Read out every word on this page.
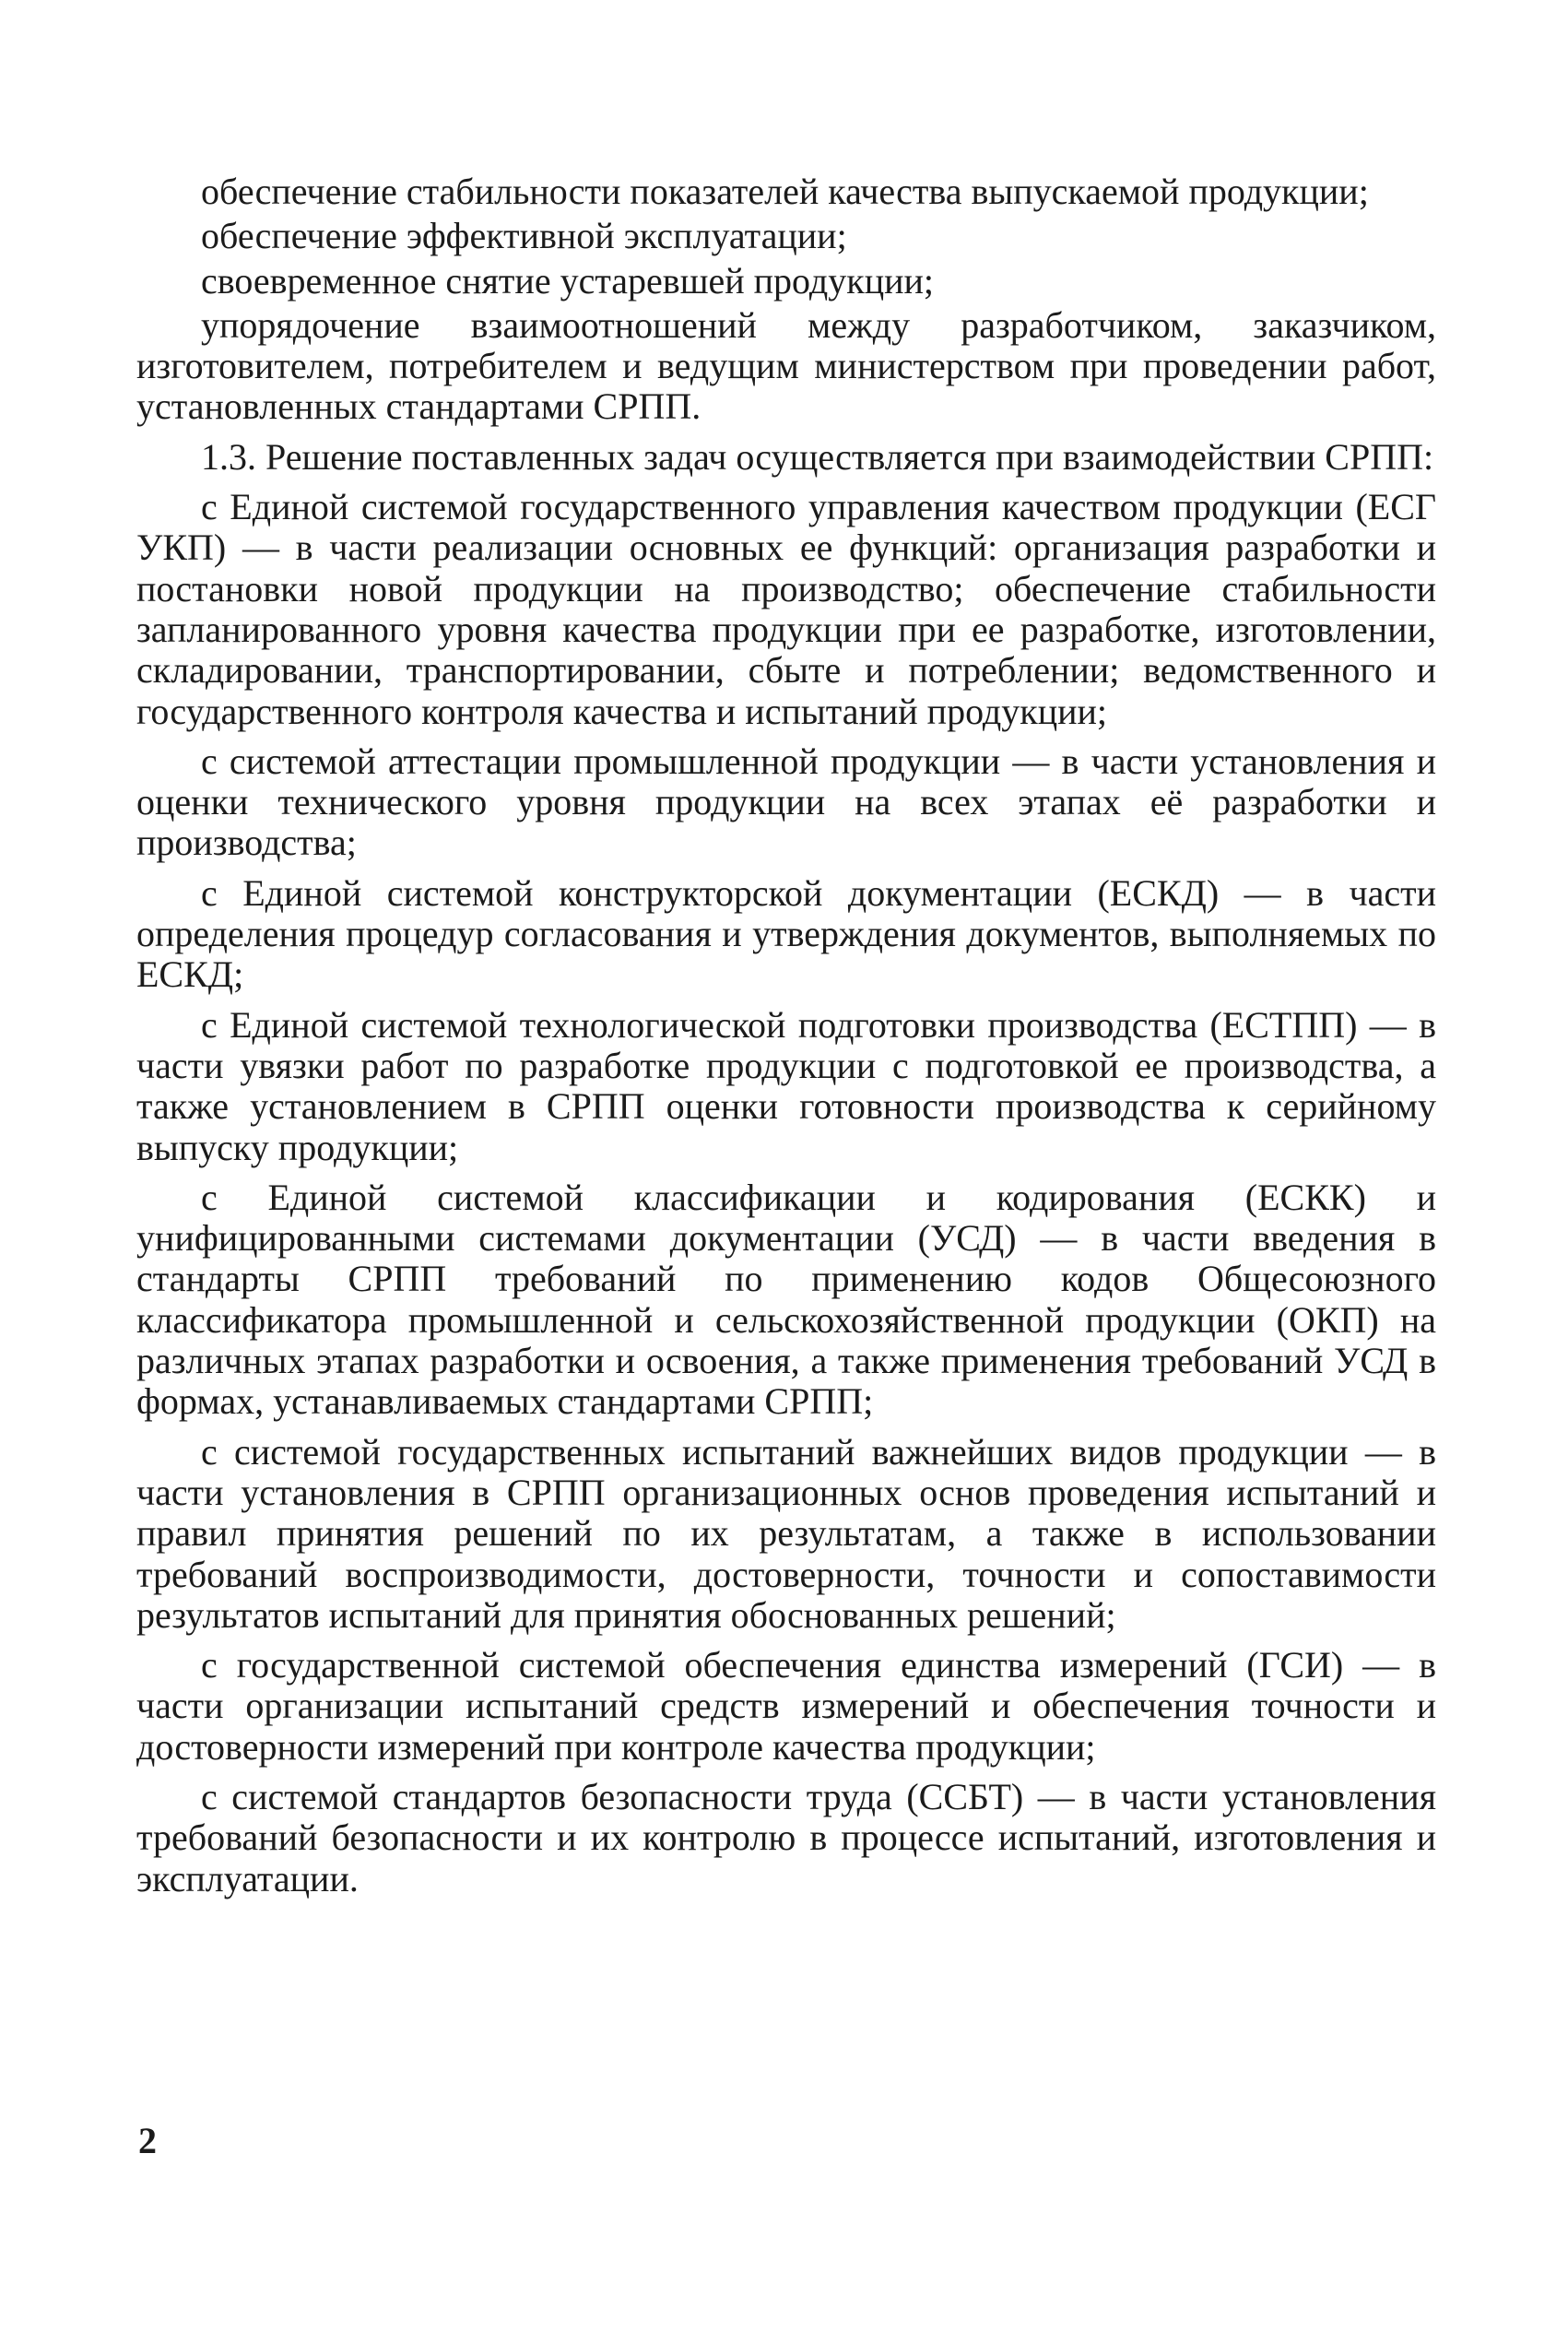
обеспечение стабильности показателей качества выпускаемой продукции;

обеспечение эффективной эксплуатации;

своевременное снятие устаревшей продукции;

упорядочение взаимоотношений между разработчиком, заказчиком, изготовителем, потребителем и ведущим министерством при проведении работ, установленных стандартами СРПП.

1.3. Решение поставленных задач осуществляется при взаимодействии СРПП:

с Единой системой государственного управления качеством продукции (ЕСГ УКП) — в части реализации основных ее функций: организация разработки и постановки новой продукции на производство; обеспечение стабильности запланированного уровня качества продукции при ее разработке, изготовлении, складировании, транспортировании, сбыте и потреблении; ведомственного и государственного контроля качества и испытаний продукции;

с системой аттестации промышленной продукции — в части установления и оценки технического уровня продукции на всех этапах её разработки и производства;

с Единой системой конструкторской документации (ЕСКД) — в части определения процедур согласования и утверждения документов, выполняемых по ЕСКД;

с Единой системой технологической подготовки производства (ЕСТПП) — в части увязки работ по разработке продукции с подготовкой ее производства, а также установлением в СРПП оценки готовности производства к серийному выпуску продукции;

с Единой системой классификации и кодирования (ЕСКК) и унифицированными системами документации (УСД) — в части введения в стандарты СРПП требований по применению кодов Общесоюзного классификатора промышленной и сельскохозяйственной продукции (ОКП) на различных этапах разработки и освоения, а также применения требований УСД в формах, устанавливаемых стандартами СРПП;

с системой государственных испытаний важнейших видов продукции — в части установления в СРПП организационных основ проведения испытаний и правил принятия решений по их результатам, а также в использовании требований воспроизводимости, достоверности, точности и сопоставимости результатов испытаний для принятия обоснованных решений;

с государственной системой обеспечения единства измерений (ГСИ) — в части организации испытаний средств измерений и обеспечения точности и достоверности измерений при контроле качества продукции;

с системой стандартов безопасности труда (ССБТ) — в части установления требований безопасности и их контролю в процессе испытаний, изготовления и эксплуатации.

2
